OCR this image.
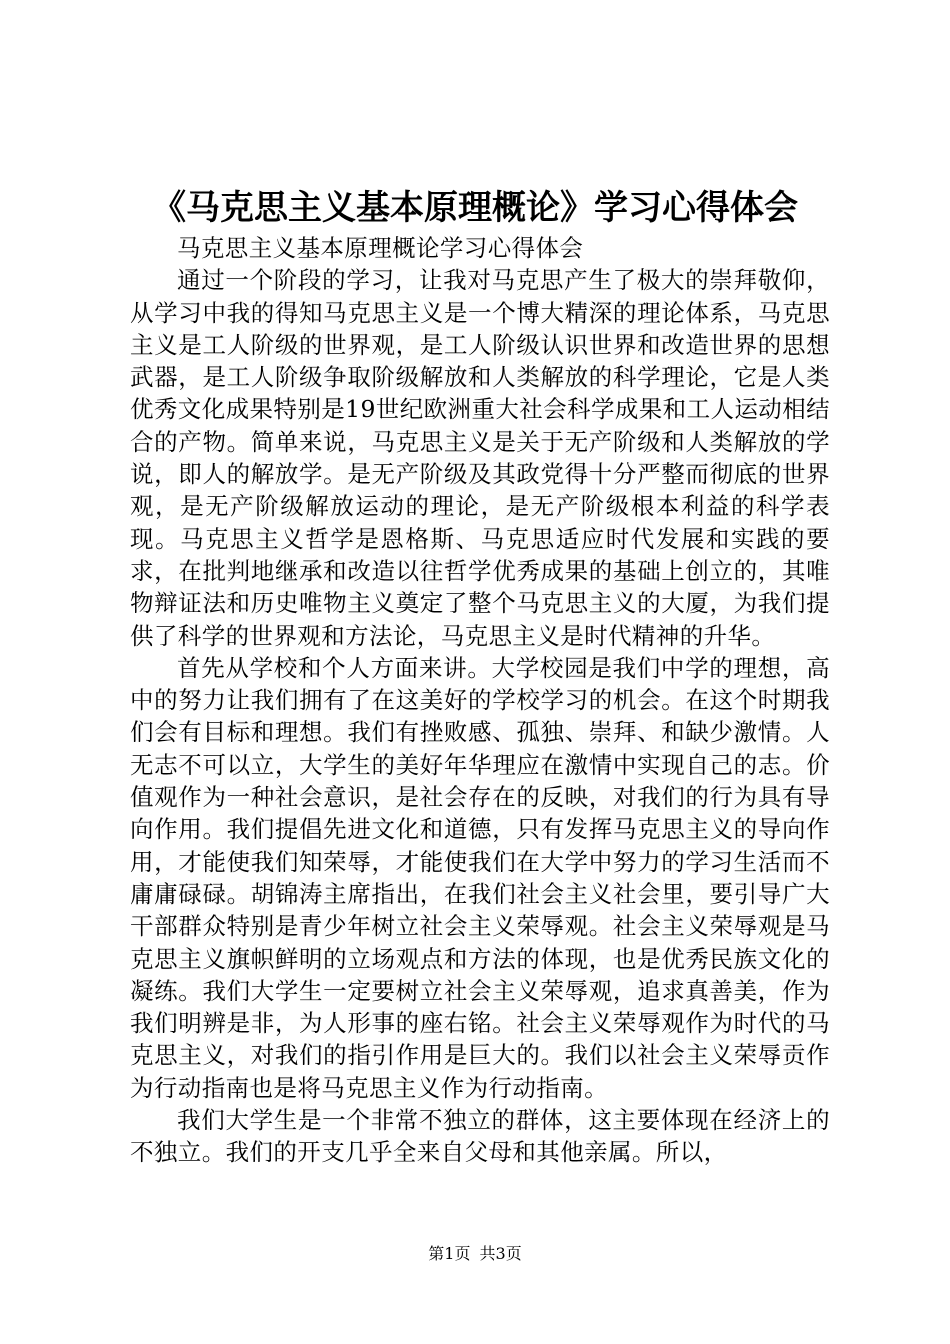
《马克思主义基本原理概论》学习心得体会

马克思主义基本原理概论学习心得体会

通过一个阶段的学习，让我对马克思产生了极大的崇拜敬仰，从学习中我的得知马克思主义是一个博大精深的理论体系，马克思主义是工人阶级的世界观，是工人阶级认识世界和改造世界的思想武器，是工人阶级争取阶级解放和人类解放的科学理论，它是人类优秀文化成果特别是19世纪欧洲重大社会科学成果和工人运动相结合的产物。简单来说，马克思主义是关于无产阶级和人类解放的学说，即人的解放学。是无产阶级及其政党得十分严整而彻底的世界观，是无产阶级解放运动的理论，是无产阶级根本利益的科学表现。马克思主义哲学是恩格斯、马克思适应时代发展和实践的要求，在批判地继承和改造以往哲学优秀成果的基础上创立的，其唯物辩证法和历史唯物主义奠定了整个马克思主义的大厦，为我们提供了科学的世界观和方法论，马克思主义是时代精神的升华。

首先从学校和个人方面来讲。大学校园是我们中学的理想，高中的努力让我们拥有了在这美好的学校学习的机会。在这个时期我们会有目标和理想。我们有挫败感、孤独、崇拜、和缺少激情。人无志不可以立，大学生的美好年华理应在激情中实现自己的志。价值观作为一种社会意识，是社会存在的反映，对我们的行为具有导向作用。我们提倡先进文化和道德，只有发挥马克思主义的导向作用，才能使我们知荣辱，才能使我们在大学中努力的学习生活而不庸庸碌碌。胡锦涛主席指出，在我们社会主义社会里，要引导广大干部群众特别是青少年树立社会主义荣辱观。社会主义荣辱观是马克思主义旗帜鲜明的立场观点和方法的体现，也是优秀民族文化的凝练。我们大学生一定要树立社会主义荣辱观，追求真善美，作为我们明辨是非，为人形事的座右铭。社会主义荣辱观作为时代的马克思主义，对我们的指引作用是巨大的。我们以社会主义荣辱贡作为行动指南也是将马克思主义作为行动指南。

我们大学生是一个非常不独立的群体，这主要体现在经济上的不独立。我们的开支几乎全来自父母和其他亲属。所以，

第1页 共3页
